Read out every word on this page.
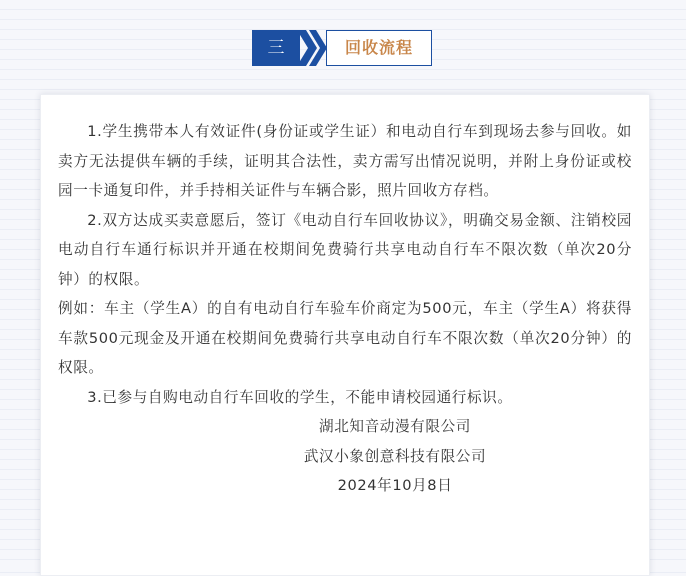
三	回收流程

1.学生携带本人有效证件(身份证或学生证）和电动自行车到现场去参与回收。如卖方无法提供车辆的手续，证明其合法性，卖方需写出情况说明，并附上身份证或校园一卡通复印件，并手持相关证件与车辆合影，照片回收方存档。

2.双方达成买卖意愿后，签订《电动自行车回收协议》，明确交易金额、注销校园电动自行车通行标识并开通在校期间免费骑行共享电动自行车不限次数（单次20分钟）的权限。

例如：车主（学生A）的自有电动自行车验车价商定为500元，车主（学生A）将获得车款500元现金及开通在校期间免费骑行共享电动自行车不限次数（单次20分钟）的权限。

3.已参与自购电动自行车回收的学生，不能申请校园通行标识。

湖北知音动漫有限公司

武汉小象创意科技有限公司

2024年10月8日
